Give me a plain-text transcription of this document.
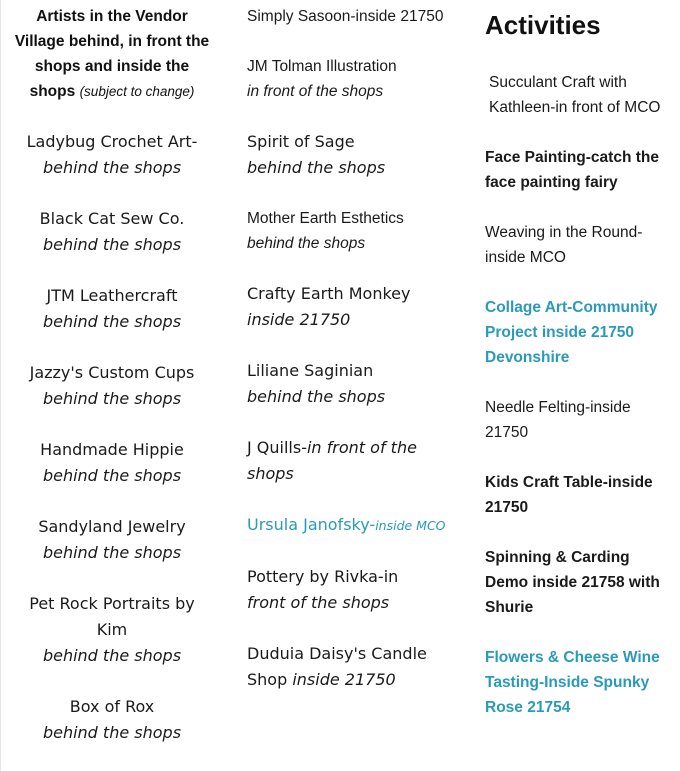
Artists in the Vendor Village behind, in front the shops and inside the shops (subject to change)
Ladybug Crochet Art-
behind the shops
Black Cat Sew Co.
behind the shops
JTM Leathercraft
behind the shops
Jazzy's Custom Cups
behind the shops
Handmade Hippie
behind the shops
Sandyland Jewelry
behind the shops
Pet Rock Portraits by Kim
behind the shops
Box of Rox
behind the shops
Simply Sasoon-inside 21750
JM Tolman Illustration
in front of the shops
Spirit of Sage
behind the shops
Mother Earth Esthetics
behind the shops
Crafty Earth Monkey
inside 21750
Liliane Saginian
behind the shops
J Quills-in front of the shops
Ursula Janofsky-inside MCO
Pottery by Rivka-in
front of the shops
Duduia Daisy's Candle Shop inside 21750
Activities
Succulant Craft with Kathleen-in front of MCO
Face Painting-catch the face painting fairy
Weaving in the Round-inside MCO
Collage Art-Community Project inside 21750 Devonshire
Needle Felting-inside 21750
Kids Craft Table-inside 21750
Spinning & Carding Demo inside 21758 with Shurie
Flowers & Cheese Wine Tasting-Inside Spunky Rose 21754
